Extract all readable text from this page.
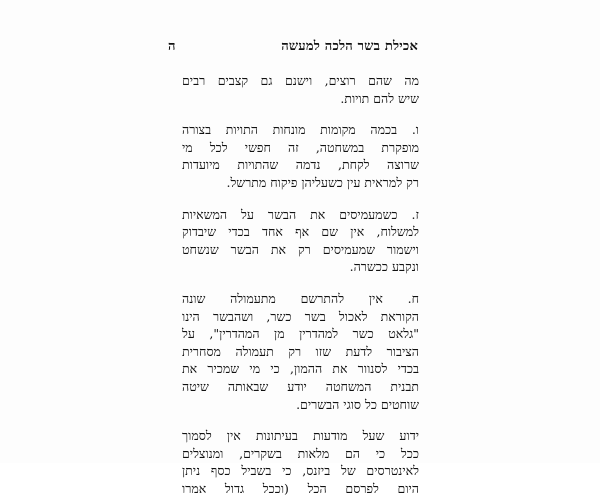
אכילת בשר הלכה למעשה
ה

מה שהם רוצים, וישנם גם קצבים רבים
שיש להם תויות.

ו. בכמה מקומות מונחות התויות בצורה
מופקרת במשחטה, זה חפשי לכל מי
שרוצה לקחת, נדמה שהתויות מיועדות
רק למראית עין כשעליהן פיקוח מתרשל.

ז. כשמעמיסים את הבשר על המשאיות
למשלוח, אין שם אף אחד בכדי שיבדוק
וישמור שמעמיסים רק את הבשר שנשחט
ונקבע ככשרה.

ח. אין להתרשם מתעמולה שונה
הקוראת לאכול בשר כשר, ושהבשר הינו
"גלאט כשר למהדרין מן המהדרין", על
הציבור לדעת שזו רק תעמולה מסחרית
בכדי לסנוור את ההמון, כי מי שמכיר את
תבנית המשחטה יודע שבאותה שיטה
שוחטים כל סוגי הבשרים.

ידוע שעל מודעות בעיתונות אין לסמוך
ככל כי הם מלאות בשקרים, ומנוצלים
לאינטרסים של ביזנס, כי בשביל כסף ניתן
היום לפרסם הכל (וככל גדול אמרו
